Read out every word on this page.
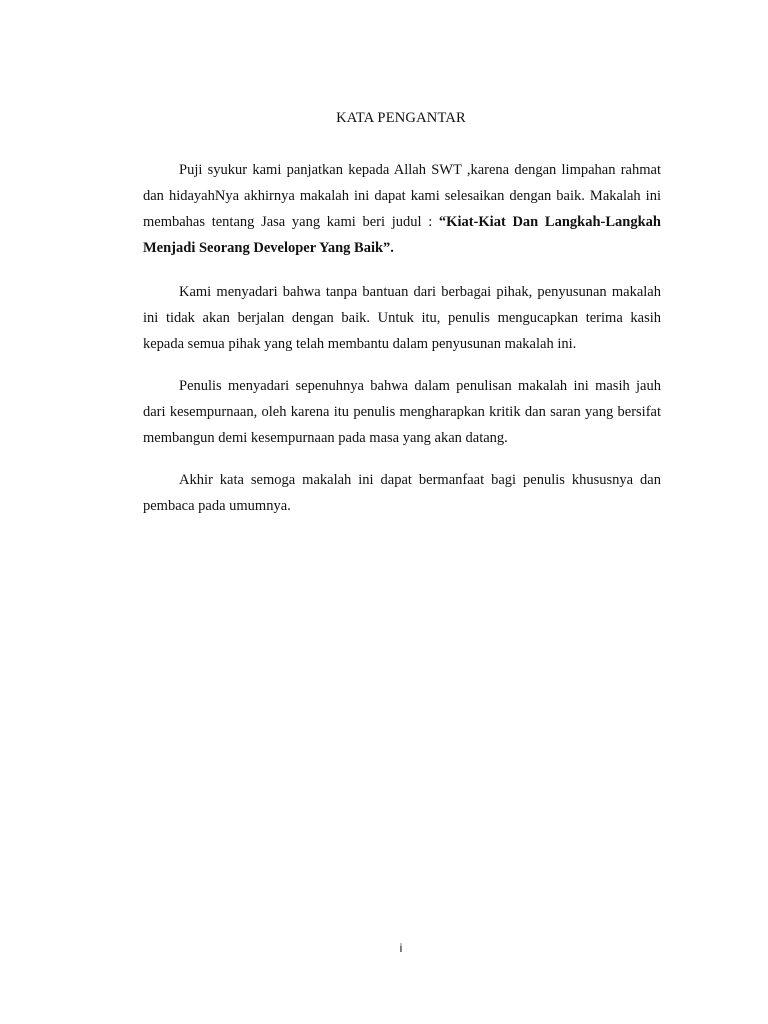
KATA PENGANTAR

Puji syukur kami panjatkan kepada Allah SWT ,karena dengan limpahan rahmat dan hidayahNya akhirnya makalah ini dapat kami selesaikan dengan baik. Makalah ini membahas tentang Jasa yang kami beri judul : “Kiat-Kiat Dan Langkah-Langkah Menjadi Seorang Developer Yang Baik”.

Kami menyadari bahwa tanpa bantuan dari berbagai pihak, penyusunan makalah ini tidak akan berjalan dengan baik. Untuk itu, penulis mengucapkan terima kasih kepada semua pihak yang telah membantu dalam penyusunan makalah ini.

Penulis menyadari sepenuhnya bahwa dalam penulisan makalah ini masih jauh dari kesempurnaan, oleh karena itu penulis mengharapkan kritik dan saran yang bersifat membangun demi kesempurnaan pada masa yang akan datang.

Akhir kata semoga makalah ini dapat bermanfaat bagi penulis khususnya dan pembaca pada umumnya.

i
